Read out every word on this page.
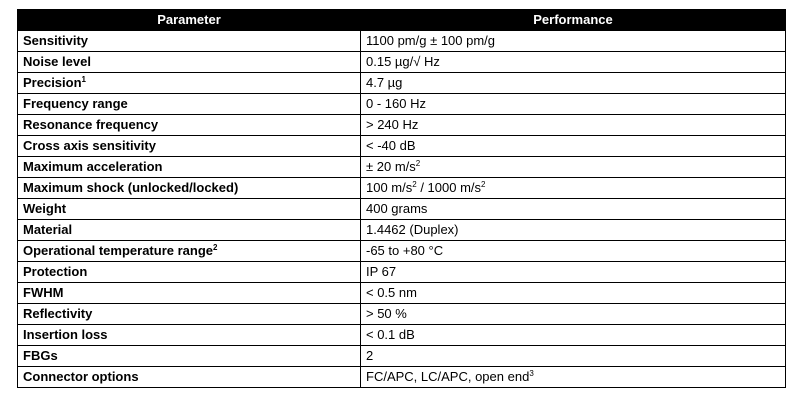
Parameter	Performance
Sensitivity	1100 pm/g ± 100 pm/g
Noise level	0.15 µg/√ Hz
Precision$^1$	4.7 µg
Frequency range	0 - 160 Hz
Resonance frequency	> 240 Hz
Cross axis sensitivity	< -40 dB
Maximum acceleration	± 20 $m/s^2$
Maximum shock (unlocked/locked)	100 $m/s^2 / 1000$ $m/s^2$
Weight	400 grams
Material	1.4462 (Duplex)
Operational temperature range$^2$	-65 to +80 °C
Protection	IP 67
FWHM	< 0.5 nm
Reflectivity	> 50 %
Insertion loss	< 0.1 dB
FBGs	2
Connector options	FC/APC, LC/APC, open end$^3$
